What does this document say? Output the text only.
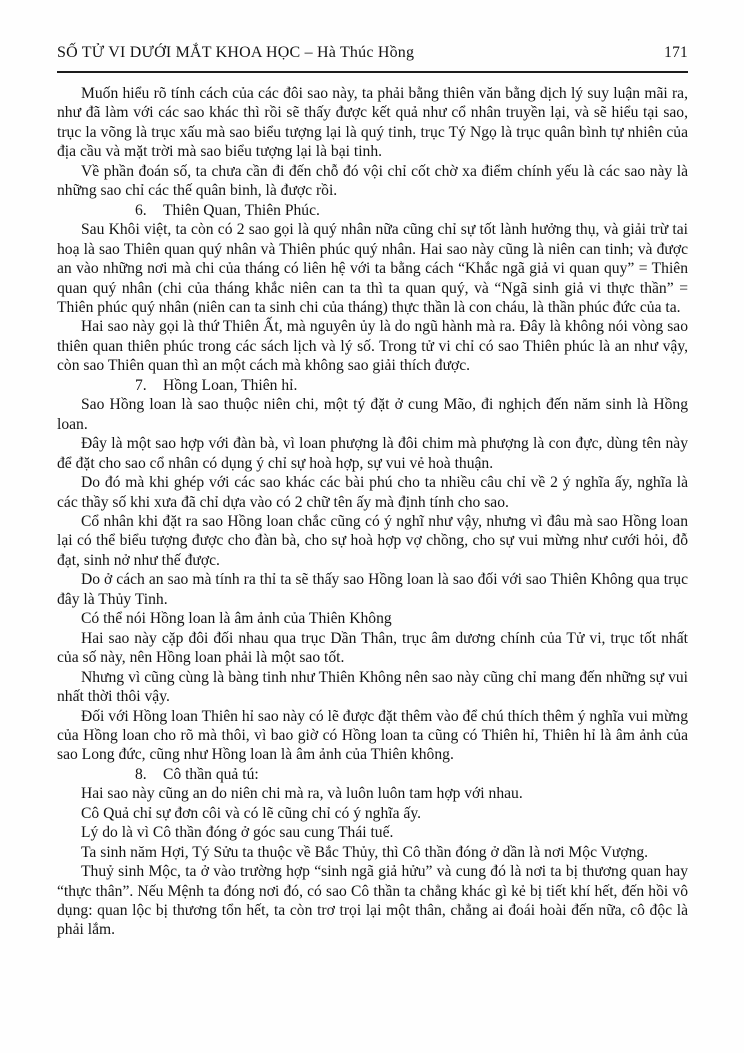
SỐ TỬ VI DƯỚI MẮT KHOA HỌC – Hà Thúc Hồng	171

Muốn hiểu rõ tính cách của các đôi sao này, ta phải bằng thiên văn bằng dịch lý suy luận mãi ra, như đã làm với các sao khác thì rồi sẽ thấy được kết quả như cổ nhân truyền lại, và sẽ hiểu tại sao, trục la võng là trục xấu mà sao biểu tượng lại là quý tinh, trục Tý Ngọ là trục quân bình tự nhiên của địa cầu và mặt trời mà sao biểu tượng lại là bại tinh.

Về phần đoán số, ta chưa cần đi đến chỗ đó vội chỉ cốt chờ xa điểm chính yếu là các sao này là những sao chỉ các thế quân binh, là được rồi.

6. Thiên Quan, Thiên Phúc.

Sau Khôi việt, ta còn có 2 sao gọi là quý nhân nữa cũng chỉ sự tốt lành hưởng thụ, và giải trừ tai hoạ là sao Thiên quan quý nhân và Thiên phúc quý nhân. Hai sao này cũng là niên can tinh; và được an vào những nơi mà chi của tháng có liên hệ với ta bằng cách “Khắc ngã giả vi quan quy” = Thiên quan quý nhân (chi của tháng khắc niên can ta thì ta quan quý, và “Ngã sinh giả vi thực thần” = Thiên phúc quý nhân (niên can ta sinh chi của tháng) thực thần là con cháu, là thần phúc đức của ta.

Hai sao này gọi là thứ Thiên Ất, mà nguyên ủy là do ngũ hành mà ra. Đây là không nói vòng sao thiên quan thiên phúc trong các sách lịch và lý số. Trong tử vi chỉ có sao Thiên phúc là an như vậy, còn sao Thiên quan thì an một cách mà không sao giải thích được.

7. Hồng Loan, Thiên hỉ.

Sao Hồng loan là sao thuộc niên chi, một tý đặt ở cung Mão, đi nghịch đến năm sinh là Hồng loan.

Đây là một sao hợp với đàn bà, vì loan phượng là đôi chim mà phượng là con đực, dùng tên này để đặt cho sao cổ nhân có dụng ý chỉ sự hoà hợp, sự vui vẻ hoà thuận.

Do đó mà khi ghép với các sao khác các bài phú cho ta nhiều câu chỉ về 2 ý nghĩa ấy, nghĩa là các thầy số khi xưa đã chỉ dựa vào có 2 chữ tên ấy mà định tính cho sao.

Cổ nhân khi đặt ra sao Hồng loan chắc cũng có ý nghĩ như vậy, nhưng vì đâu mà sao Hồng loan lại có thể biểu tượng được cho đàn bà, cho sự hoà hợp vợ chồng, cho sự vui mừng như cưới hỏi, đỗ đạt, sinh nở như thế được.

Do ở cách an sao mà tính ra thỉ ta sẽ thấy sao Hồng loan là sao đối với sao Thiên Không qua trục đây là Thủy Tinh.

Có thể nói Hồng loan là âm ảnh của Thiên Không

Hai sao này cặp đôi đối nhau qua trục Dần Thân, trục âm dương chính của Tử vi, trục tốt nhất của số này, nên Hồng loan phải là một sao tốt.

Nhưng vì cũng cùng là bàng tinh như Thiên Không nên sao này cũng chỉ mang đến những sự vui nhất thời thôi vậy.

Đối với Hồng loan Thiên hỉ sao này có lẽ được đặt thêm vào để chú thích thêm ý nghĩa vui mừng của Hồng loan cho rõ mà thôi, vì bao giờ có Hồng loan ta cũng có Thiên hỉ, Thiên hỉ là âm ảnh của sao Long đức, cũng như Hồng loan là âm ảnh của Thiên không.

8. Cô thần quả tú:

Hai sao này cũng an do niên chi mà ra, và luôn luôn tam hợp với nhau.

Cô Quả chỉ sự đơn côi và có lẽ cũng chỉ có ý nghĩa ấy.

Lý do là vì Cô thần đóng ở góc sau cung Thái tuế.

Ta sinh năm Hợi, Tý Sửu ta thuộc về Bắc Thủy, thì Cô thần đóng ở dần là nơi Mộc Vượng.

Thuỷ sinh Mộc, ta ở vào trường hợp “sinh ngã giả hửu” và cung đó là nơi ta bị thương quan hay “thực thân”. Nếu Mệnh ta đóng nơi đó, có sao Cô thần ta chẳng khác gì kẻ bị tiết khí hết, đến hồi vô dụng: quan lộc bị thương tổn hết, ta còn trơ trọi lại một thân, chẳng ai đoái hoài đến nữa, cô độc là phải lắm.
